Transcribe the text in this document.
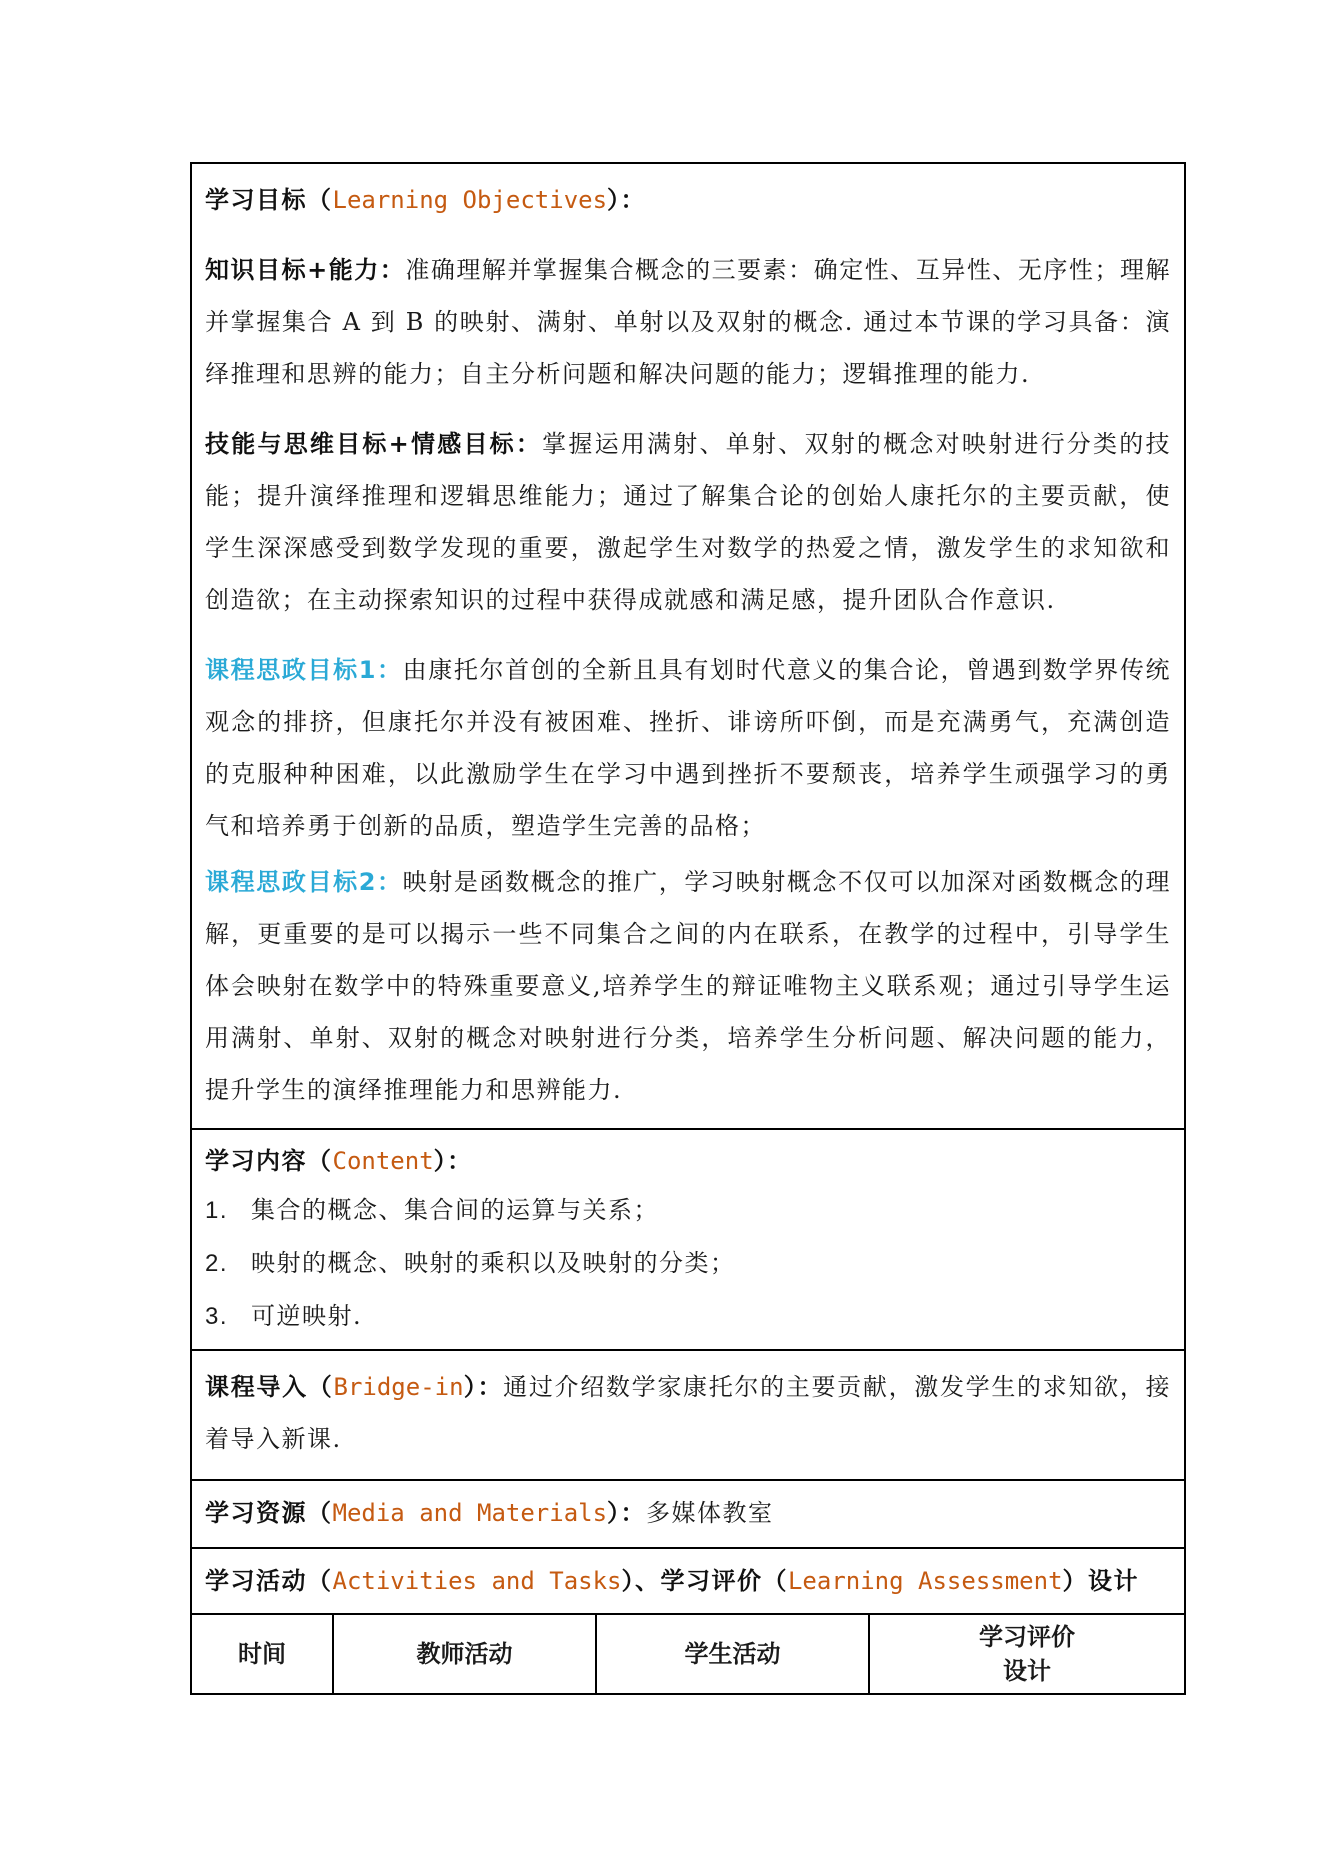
学习目标（Learning Objectives）：

知识目标+能力：准确理解并掌握集合概念的三要素：确定性、互异性、无序性；理解并掌握集合 A 到 B 的映射、满射、单射以及双射的概念. 通过本节课的学习具备：演绎推理和思辨的能力；自主分析问题和解决问题的能力；逻辑推理的能力.

技能与思维目标+情感目标：掌握运用满射、单射、双射的概念对映射进行分类的技能；提升演绎推理和逻辑思维能力；通过了解集合论的创始人康托尔的主要贡献，使学生深深感受到数学发现的重要，激起学生对数学的热爱之情，激发学生的求知欲和创造欲；在主动探索知识的过程中获得成就感和满足感，提升团队合作意识.

课程思政目标1：由康托尔首创的全新且具有划时代意义的集合论，曾遇到数学界传统观念的排挤，但康托尔并没有被困难、挫折、诽谤所吓倒，而是充满勇气，充满创造的克服种种困难，以此激励学生在学习中遇到挫折不要颓丧，培养学生顽强学习的勇气和培养勇于创新的品质，塑造学生完善的品格；

课程思政目标2：映射是函数概念的推广，学习映射概念不仅可以加深对函数概念的理解，更重要的是可以揭示一些不同集合之间的内在联系，在教学的过程中，引导学生体会映射在数学中的特殊重要意义,培养学生的辩证唯物主义联系观；通过引导学生运用满射、单射、双射的概念对映射进行分类，培养学生分析问题、解决问题的能力，提升学生的演绎推理能力和思辨能力.

学习内容（Content）：

1. 集合的概念、集合间的运算与关系；

2. 映射的概念、映射的乘积以及映射的分类；

3. 可逆映射.

课程导入（Bridge-in）：通过介绍数学家康托尔的主要贡献，激发学生的求知欲，接着导入新课.

学习资源（Media and Materials）：多媒体教室

学习活动（Activities and Tasks）、学习评价（Learning Assessment）设计

时间	教师活动	学生活动
学习评价
设计
